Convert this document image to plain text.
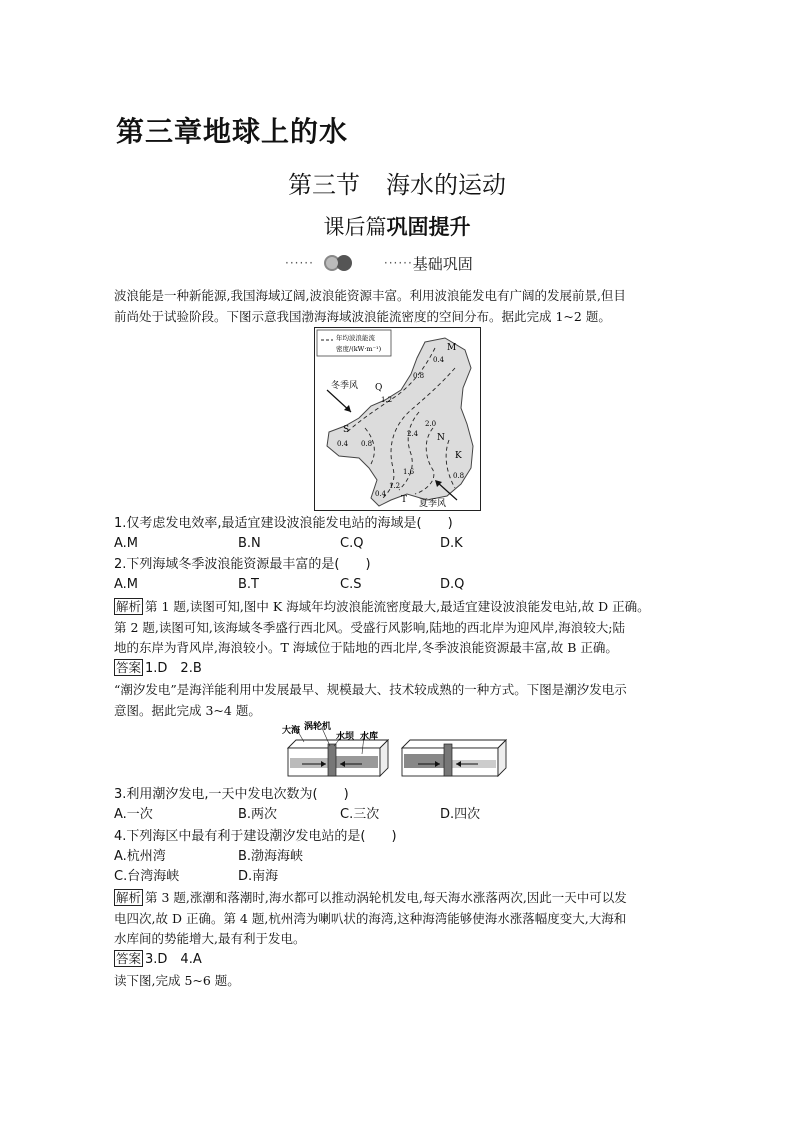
第三章地球上的水
第三节 海水的运动
课后篇巩固提升
······	······ 基础巩固
波浪能是一种新能源,我国海域辽阔,波浪能资源丰富。利用波浪能发电有广阔的发展前景,但目
前尚处于试验阶段。下图示意我国渤海海域波浪能流密度的空间分布。据此完成 1~2 题。
年均波浪能流
密度/(kW·m⁻¹)
冬季风
夏季风
M
Q
S
N
K
T
0.4
0.8
1.2
0.4 0.8
2.4
2.0
1.6
1.2
0.8
0.4
1.仅考虑发电效率,最适宜建设波浪能发电站的海域是(　　)
A.M	B.N	C.Q	D.K
2.下列海域冬季波浪能资源最丰富的是(　　)
A.M	B.T	C.S	D.Q
解析 第 1 题,读图可知,图中 K 海域年均波浪能流密度最大,最适宜建设波浪能发电站,故 D 正确。
第 2 题,读图可知,该海域冬季盛行西北风。受盛行风影响,陆地的西北岸为迎风岸,海浪较大;陆
地的东岸为背风岸,海浪较小。T 海域位于陆地的西北岸,冬季波浪能资源最丰富,故 B 正确。
答案 1.D　2.B
“潮汐发电”是海洋能利用中发展最早、规模最大、技术较成熟的一种方式。下图是潮汐发电示
意图。据此完成 3~4 题。
大海 涡轮机
水坝 水库
3.利用潮汐发电,一天中发电次数为(　　)
A.一次	B.两次	C.三次	D.四次
4.下列海区中最有利于建设潮汐发电站的是(　　)
A.杭州湾	B.渤海海峡
C.台湾海峡	D.南海
解析 第 3 题,涨潮和落潮时,海水都可以推动涡轮机发电,每天海水涨落两次,因此一天中可以发
电四次,故 D 正确。第 4 题,杭州湾为喇叭状的海湾,这种海湾能够使海水涨落幅度变大,大海和
水库间的势能增大,最有利于发电。
答案 3.D　4.A
读下图,完成 5~6 题。
